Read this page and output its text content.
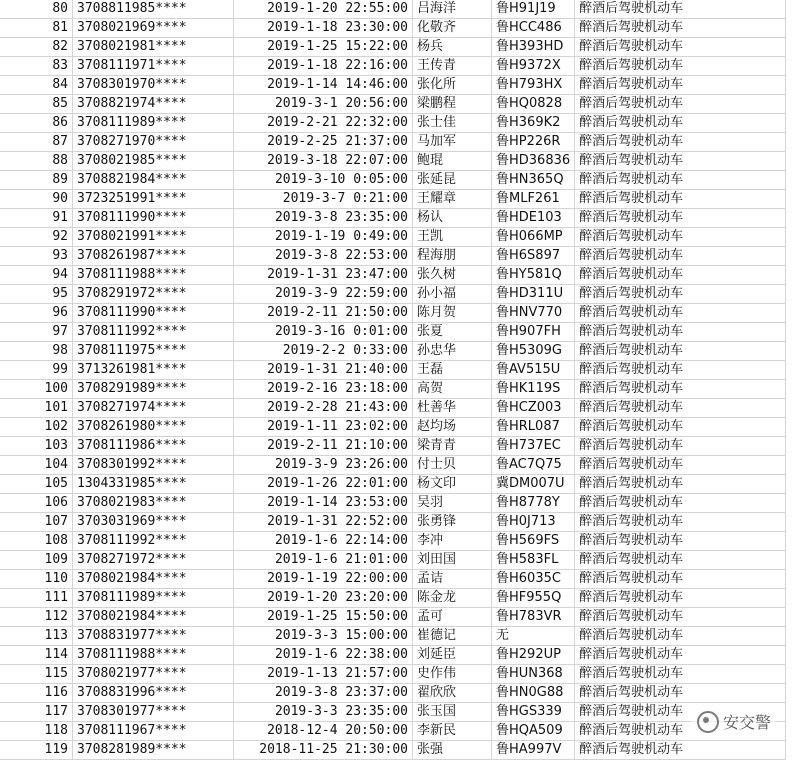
80	3708811985****	2019-1-20 22:55:00	吕海洋	鲁H91J19	醉酒后驾驶机动车
81	3708021969****	2019-1-18 23:30:00	化敬齐	鲁HCC486	醉酒后驾驶机动车
82	3708021981****	2019-1-25 15:22:00	杨兵	鲁H393HD	醉酒后驾驶机动车
83	3708111971****	2019-1-18 22:16:00	王传青	鲁H9372X	醉酒后驾驶机动车
84	3708301970****	2019-1-14 14:46:00	张化所	鲁H793HX	醉酒后驾驶机动车
85	3708821974****	2019-3-1 20:56:00	梁鹏程	鲁HQ0828	醉酒后驾驶机动车
86	3708111989****	2019-2-21 22:32:00	张士佳	鲁H369K2	醉酒后驾驶机动车
87	3708271970****	2019-2-25 21:37:00	马加军	鲁HP226R	醉酒后驾驶机动车
88	3708021985****	2019-3-18 22:07:00	鲍琨	鲁HD36836	醉酒后驾驶机动车
89	3708821984****	2019-3-10 0:05:00	张延昆	鲁HN365Q	醉酒后驾驶机动车
90	3723251991****	2019-3-7 0:21:00	王耀章	鲁MLF261	醉酒后驾驶机动车
91	3708111990****	2019-3-8 23:35:00	杨认	鲁HDE103	醉酒后驾驶机动车
92	3708021991****	2019-1-19 0:49:00	王凯	鲁H066MP	醉酒后驾驶机动车
93	3708261987****	2019-3-8 22:53:00	程海朋	鲁H6S897	醉酒后驾驶机动车
94	3708111988****	2019-1-31 23:47:00	张久树	鲁HY581Q	醉酒后驾驶机动车
95	3708291972****	2019-3-9 22:59:00	孙小福	鲁HD311U	醉酒后驾驶机动车
96	3708111990****	2019-2-11 21:50:00	陈月贺	鲁HNV770	醉酒后驾驶机动车
97	3708111992****	2019-3-16 0:01:00	张夏	鲁H907FH	醉酒后驾驶机动车
98	3708111975****	2019-2-2 0:33:00	孙忠华	鲁H5309G	醉酒后驾驶机动车
99	3713261981****	2019-1-31 21:40:00	王磊	鲁AV515U	醉酒后驾驶机动车
100	3708291989****	2019-2-16 23:18:00	高贺	鲁HK119S	醉酒后驾驶机动车
101	3708271974****	2019-2-28 21:43:00	杜善华	鲁HCZ003	醉酒后驾驶机动车
102	3708261980****	2019-1-11 23:02:00	赵均场	鲁HRL087	醉酒后驾驶机动车
103	3708111986****	2019-2-11 21:10:00	梁青青	鲁H737EC	醉酒后驾驶机动车
104	3708301992****	2019-3-9 23:26:00	付士贝	鲁AC7Q75	醉酒后驾驶机动车
105	1304331985****	2019-1-26 22:01:00	杨文印	冀DM007U	醉酒后驾驶机动车
106	3708021983****	2019-1-14 23:53:00	吴羽	鲁H8778Y	醉酒后驾驶机动车
107	3703031969****	2019-1-31 22:52:00	张勇锋	鲁H0J713	醉酒后驾驶机动车
108	3708111992****	2019-1-6 22:14:00	李冲	鲁H569FS	醉酒后驾驶机动车
109	3708271972****	2019-1-6 21:01:00	刘田国	鲁H583FL	醉酒后驾驶机动车
110	3708021984****	2019-1-19 22:00:00	孟诘	鲁H6035C	醉酒后驾驶机动车
111	3708111989****	2019-1-20 23:20:00	陈金龙	鲁HF955Q	醉酒后驾驶机动车
112	3708021984****	2019-1-25 15:50:00	孟可	鲁H783VR	醉酒后驾驶机动车
113	3708831977****	2019-3-3 15:00:00	崔德记	无	醉酒后驾驶机动车
114	3708111988****	2019-1-6 22:38:00	刘延臣	鲁H292UP	醉酒后驾驶机动车
115	3708021977****	2019-1-13 21:57:00	史作伟	鲁HUN368	醉酒后驾驶机动车
116	3708831996****	2019-3-8 23:37:00	翟欣欣	鲁HN0G88	醉酒后驾驶机动车
117	3708301977****	2019-3-3 23:35:00	张玉国	鲁HGS339	醉酒后驾驶机动车
118	3708111967****	2018-12-4 20:50:00	李新民	鲁HQA509	醉酒后驾驶机动车
119	3708281989****	2018-11-25 21:30:00	张强	鲁HA997V	醉酒后驾驶机动车
安交警
